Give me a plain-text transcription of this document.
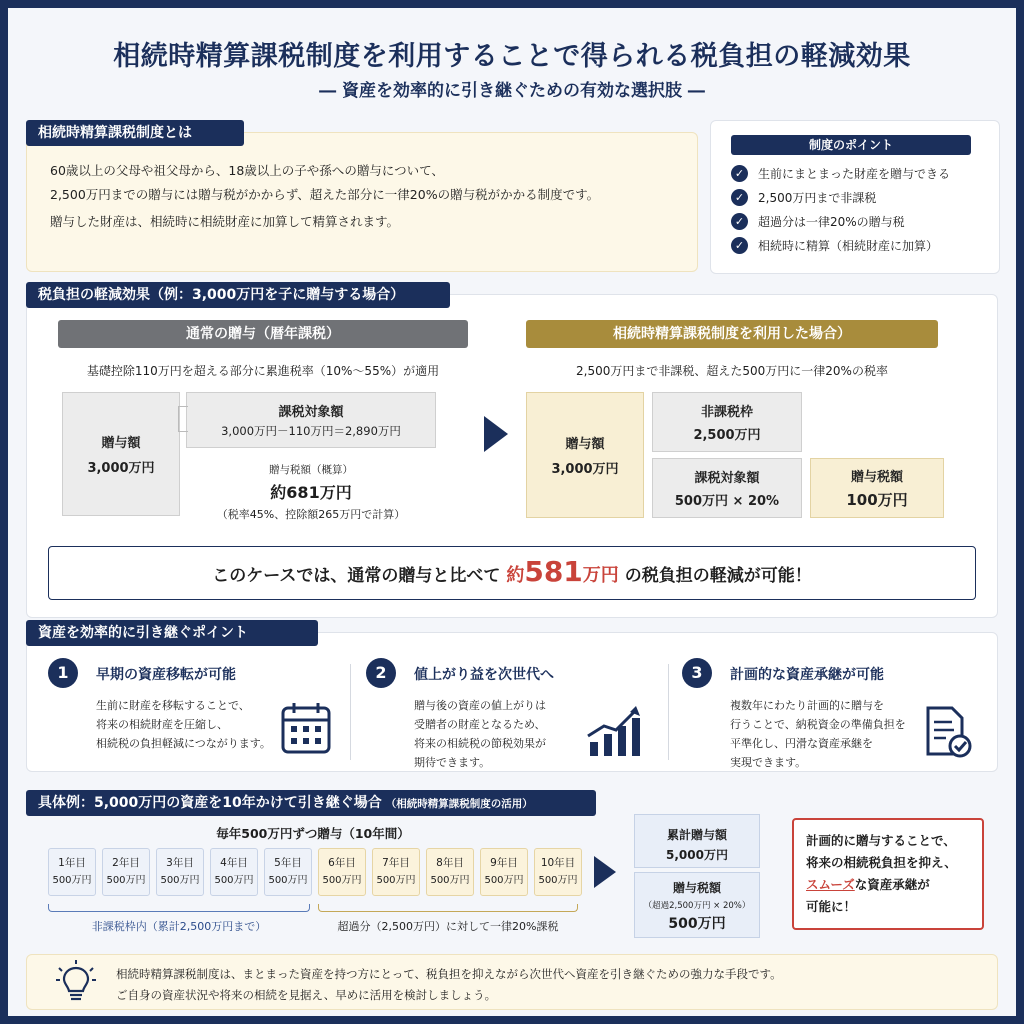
相続時精算課税制度を利用することで得られる税負担の軽減効果
― 資産を効率的に引き継ぐための有効な選択肢 ―
相続時精算課税制度とは
60歳以上の父母や祖父母から、18歳以上の子や孫への贈与について、
2,500万円までの贈与には贈与税がかからず、超えた部分に一律20%の贈与税がかかる制度です。
贈与した財産は、相続時に相続財産に加算して精算されます。
制度のポイント
✓	生前にまとまった財産を贈与できる
✓	2,500万円まで非課税
✓	超過分は一律20%の贈与税
✓	相続時に精算（相続財産に加算）
税負担の軽減効果（例：3,000万円を子に贈与する場合）
通常の贈与（暦年課税）
基礎控除110万円を超える部分に累進税率（10%〜55%）が適用
贈与額
3,000万円
課税対象額
3,000万円－110万円＝2,890万円
贈与税額（概算）
約681万円
（税率45%、控除額265万円で計算）
相続時精算課税制度を利用した場合）
2,500万円まで非課税、超えた500万円に一律20%の税率
贈与額
3,000万円
非課税枠
2,500万円
課税対象額
500万円 × 20%
贈与税額
100万円
このケースでは、通常の贈与と比べて 約581万円 の税負担の軽減が可能！
資産を効率的に引き継ぐポイント
1	早期の資産移転が可能
生前に財産を移転することで、
将来の相続財産を圧縮し、
相続税の負担軽減につながります。
2	値上がり益を次世代へ
贈与後の資産の値上がりは
受贈者の財産となるため、
将来の相続税の節税効果が
期待できます。
3	計画的な資産承継が可能
複数年にわたり計画的に贈与を
行うことで、納税資金の準備負担を
平準化し、円滑な資産承継を
実現できます。
具体例：5,000万円の資産を10年かけて引き継ぐ場合 （相続時精算課税制度の活用）
毎年500万円ずつ贈与（10年間）
1年目
500万円
2年目
500万円
3年目
500万円
4年目
500万円
5年目
500万円
6年目
500万円
7年目
500万円
8年目
500万円
9年目
500万円
10年目
500万円
非課税枠内（累計2,500万円まで）	超過分（2,500万円）に対して一律20%課税
累計贈与額
5,000万円
贈与税額
（超過2,500万円 × 20%）
500万円
計画的に贈与することで、
将来の相続税負担を抑え、
スムーズな資産承継が
可能に！
相続時精算課税制度は、まとまった資産を持つ方にとって、税負担を抑えながら次世代へ資産を引き継ぐための強力な手段です。
ご自身の資産状況や将来の相続を見据え、早めに活用を検討しましょう。
